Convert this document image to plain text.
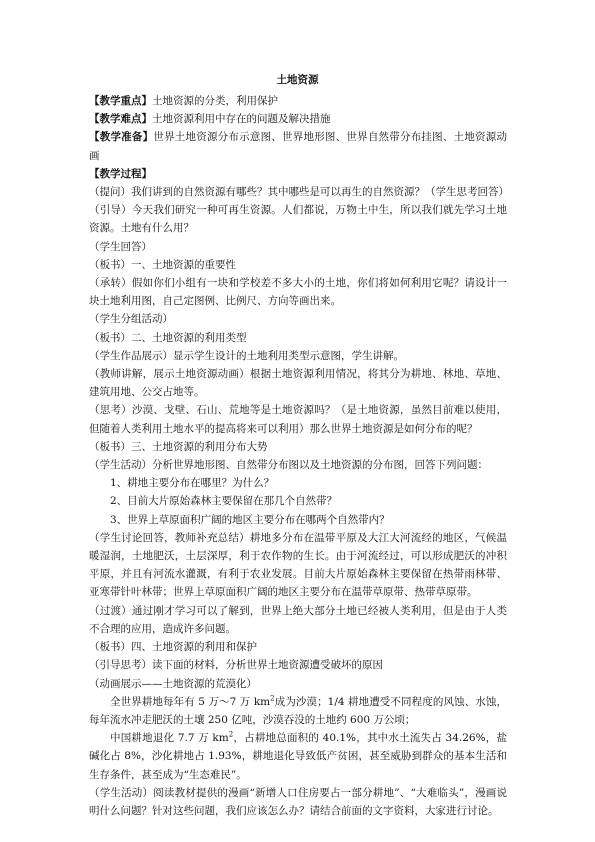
土地资源

【教学重点】土地资源的分类，利用保护

【教学难点】土地资源利用中存在的问题及解决措施

【教学准备】世界土地资源分布示意图、世界地形图、世界自然带分布挂图、土地资源动画

【教学过程】

（提问）我们讲到的自然资源有哪些？其中哪些是可以再生的自然资源？（学生思考回答）

（引导）今天我们研究一种可再生资源。人们都说，万物土中生，所以我们就先学习土地资源。土地有什么用？

（学生回答）

（板书）一、土地资源的重要性

（承转）假如你们小组有一块和学校差不多大小的土地，你们将如何利用它呢？请设计一块土地利用图，自己定图例、比例尺、方向等画出来。

（学生分组活动）

（板书）二、土地资源的利用类型

（学生作品展示）显示学生设计的土地利用类型示意图，学生讲解。

（教师讲解，展示土地资源动画）根据土地资源利用情况，将其分为耕地、林地、草地、建筑用地、公交占地等。

（思考）沙漠、戈壁、石山、荒地等是土地资源吗？（是土地资源，虽然目前难以使用，但随着人类利用土地水平的提高将来可以利用）那么世界土地资源是如何分布的呢？

（板书）三、土地资源的利用分布大势

（学生活动）分析世界地形图、自然带分布图以及土地资源的分布图，回答下列问题：

1、耕地主要分布在哪里？为什么？

2、目前大片原始森林主要保留在那几个自然带？

3、世界上草原面积广阔的地区主要分布在哪两个自然带内？

（学生讨论回答，教师补充总结）耕地多分布在温带平原及大江大河流经的地区，气候温暖湿润，土地肥沃，土层深厚，利于农作物的生长。由于河流经过，可以形成肥沃的冲积平原，并且有河流水灌溉，有利于农业发展。目前大片原始森林主要保留在热带雨林带、亚寒带针叶林带；世界上草原面积广阔的地区主要分布在温带草原带、热带草原带。

（过渡）通过刚才学习可以了解到，世界上绝大部分土地已经被人类利用，但是由于人类不合理的应用，造成许多问题。

（板书）四、土地资源的利用和保护

（引导思考）读下面的材料，分析世界土地资源遭受破坏的原因

（动画展示——土地资源的荒漠化）

全世界耕地每年有 5 万～7 万 $km^2$成为沙漠；1/4 耕地遭受不同程度的风蚀、水蚀，每年流水冲走肥沃的土壤 250 亿吨，沙漠吞没的土地约 600 万公顷；

中国耕地退化 7.7 万 $km^2$，占耕地总面积的 40.1%，其中水土流失占 34.26%，盐碱化占 8%，沙化耕地占 1.93%，耕地退化导致低产贫困，甚至威胁到群众的基本生活和生存条件，甚至成为“生态难民”。

（学生活动）阅读教材提供的漫画“新增人口住房要占一部分耕地”、“大难临头”，漫画说明什么问题？针对这些问题，我们应该怎么办？请结合前面的文字资料，大家进行讨论。
